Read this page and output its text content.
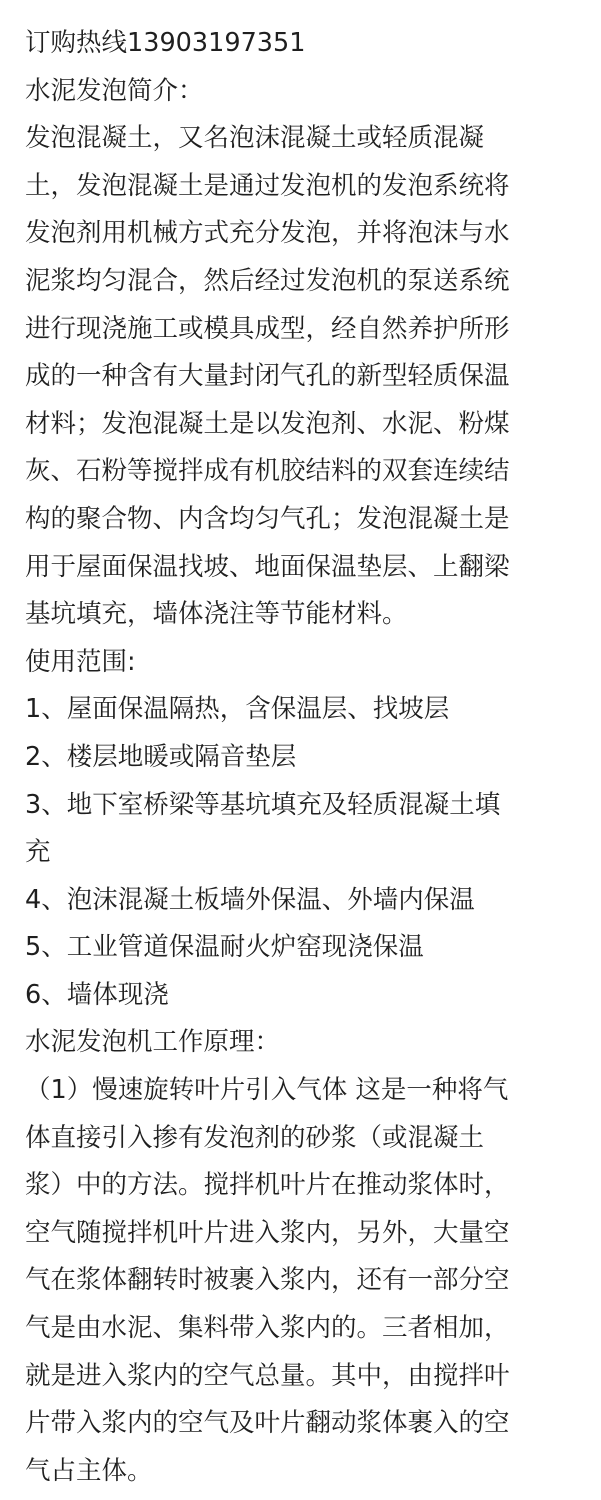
订购热线13903197351
水泥发泡简介：
发泡混凝土，又名泡沫混凝土或轻质混凝
土，发泡混凝土是通过发泡机的发泡系统将
发泡剂用机械方式充分发泡，并将泡沫与水
泥浆均匀混合，然后经过发泡机的泵送系统
进行现浇施工或模具成型，经自然养护所形
成的一种含有大量封闭气孔的新型轻质保温
材料；发泡混凝土是以发泡剂、水泥、粉煤
灰、石粉等搅拌成有机胶结料的双套连续结
构的聚合物、内含均匀气孔；发泡混凝土是
用于屋面保温找坡、地面保温垫层、上翻梁
基坑填充，墙体浇注等节能材料。
使用范围:
1、屋面保温隔热，含保温层、找坡层
2、楼层地暖或隔音垫层
3、地下室桥梁等基坑填充及轻质混凝土填
充
4、泡沫混凝土板墙外保温、外墙内保温
5、工业管道保温耐火炉窑现浇保温
6、墙体现浇
水泥发泡机工作原理：
（1）慢速旋转叶片引入气体 这是一种将气
体直接引入掺有发泡剂的砂浆（或混凝土
浆）中的方法。搅拌机叶片在推动浆体时，
空气随搅拌机叶片进入浆内，另外，大量空
气在浆体翻转时被裹入浆内，还有一部分空
气是由水泥、集料带入浆内的。三者相加，
就是进入浆内的空气总量。其中，由搅拌叶
片带入浆内的空气及叶片翻动浆体裹入的空
气占主体。
